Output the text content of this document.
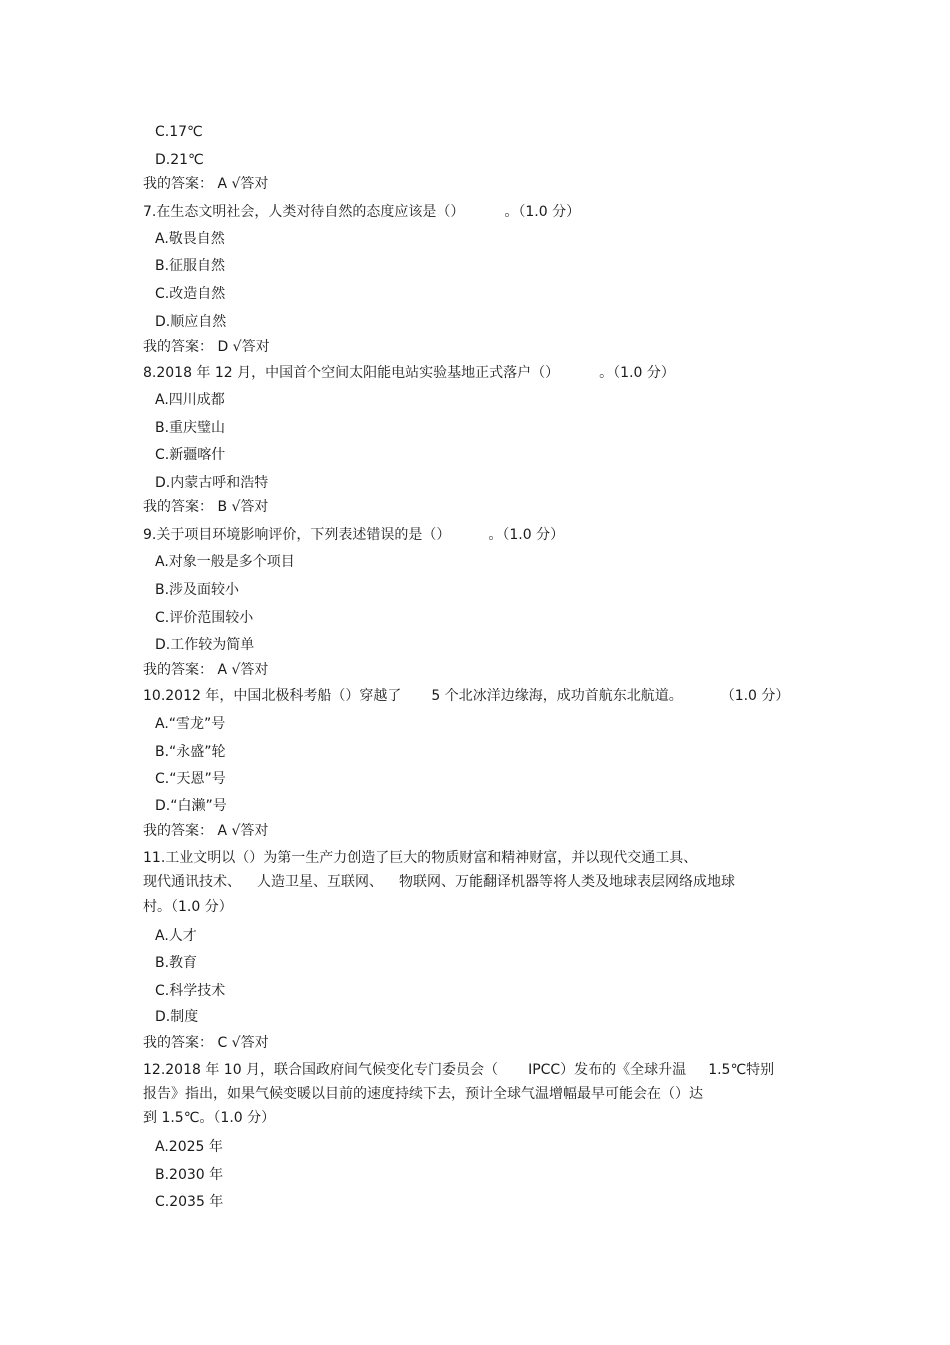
C.17℃
D.21℃
我的答案： A √答对
7.在生态文明社会，人类对待自然的态度应该是（）	。（1.0 分）
A.敬畏自然
B.征服自然
C.改造自然
D.顺应自然
我的答案： D √答对
8.2018 年 12 月，中国首个空间太阳能电站实验基地正式落户（）	。（1.0 分）
A.四川成都
B.重庆璧山
C.新疆喀什
D.内蒙古呼和浩特
我的答案： B √答对
9.关于项目环境影响评价，下列表述错误的是（）	。（1.0 分）
A.对象一般是多个项目
B.涉及面较小
C.评价范围较小
D.工作较为简单
我的答案： A √答对
10.2012 年，中国北极科考船（）穿越了 5 个北冰洋边缘海，成功首航东北航道。	（1.0 分）
A.“雪龙”号
B.“永盛”轮
C.“天恩”号
D.“白濑”号
我的答案： A √答对
11.工业文明以（）为第一生产力创造了巨大的物质财富和精神财富，并以现代交通工具、
现代通讯技术、 人造卫星、互联网、 物联网、万能翻译机器等将人类及地球表层网络成地球
村。（1.0 分）
A.人才
B.教育
C.科学技术
D.制度
我的答案： C √答对
12.2018 年 10 月，联合国政府间气候变化专门委员会（ IPCC）发布的《全球升温 1.5℃特别
报告》指出，如果气候变暖以目前的速度持续下去，预计全球气温增幅最早可能会在（）达
到 1.5℃。（1.0 分）
A.2025 年
B.2030 年
C.2035 年
